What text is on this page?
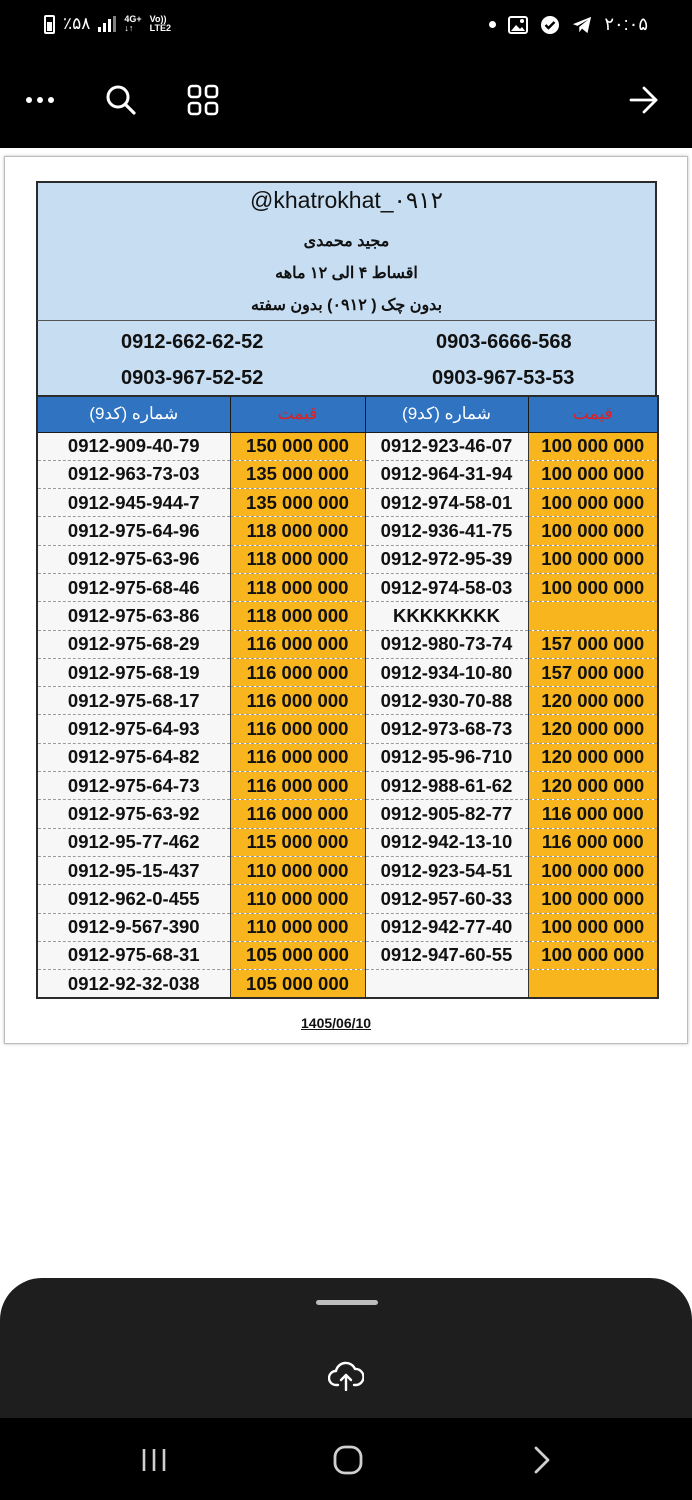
٪۵۸	4G+
↓↑
Vo))
LTE2	۲۰:۰۵
@khatrokhat_۰۹۱۲
مجید محمدی
اقساط ۴ الی ۱۲ ماهه
بدون چک ( ۰۹۱۲) بدون سفته
0912-662-62-52	0903-6666-568
0903-967-52-52	0903-967-53-53
شماره (کد9)	قیمت	شماره (کد9)	قیمت
0912-909-40-79	150 000 000	0912-923-46-07	100 000 000
0912-963-73-03	135 000 000	0912-964-31-94	100 000 000
0912-945-944-7	135 000 000	0912-974-58-01	100 000 000
0912-975-64-96	118 000 000	0912-936-41-75	100 000 000
0912-975-63-96	118 000 000	0912-972-95-39	100 000 000
0912-975-68-46	118 000 000	0912-974-58-03	100 000 000
0912-975-63-86	118 000 000	KKKKKKKK	
0912-975-68-29	116 000 000	0912-980-73-74	157 000 000
0912-975-68-19	116 000 000	0912-934-10-80	157 000 000
0912-975-68-17	116 000 000	0912-930-70-88	120 000 000
0912-975-64-93	116 000 000	0912-973-68-73	120 000 000
0912-975-64-82	116 000 000	0912-95-96-710	120 000 000
0912-975-64-73	116 000 000	0912-988-61-62	120 000 000
0912-975-63-92	116 000 000	0912-905-82-77	116 000 000
0912-95-77-462	115 000 000	0912-942-13-10	116 000 000
0912-95-15-437	110 000 000	0912-923-54-51	100 000 000
0912-962-0-455	110 000 000	0912-957-60-33	100 000 000
0912-9-567-390	110 000 000	0912-942-77-40	100 000 000
0912-975-68-31	105 000 000	0912-947-60-55	100 000 000
0912-92-32-038	105 000 000		
1405/06/10
